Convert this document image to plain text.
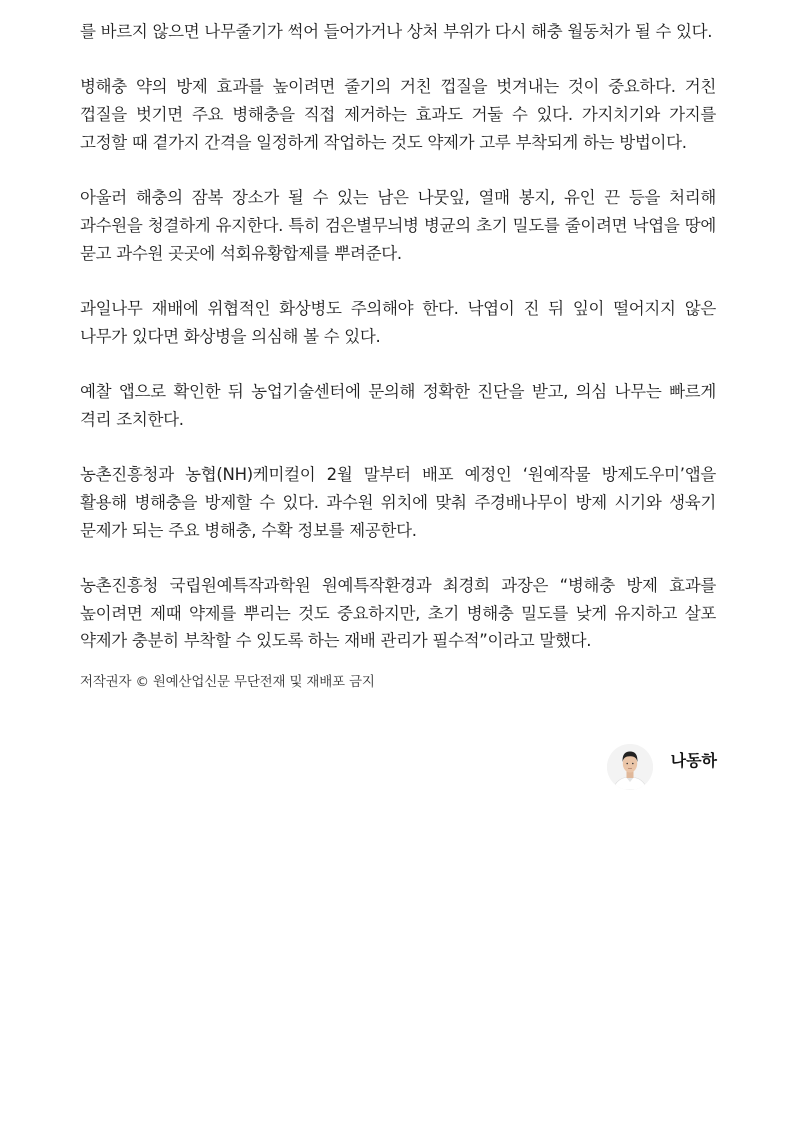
를 바르지 않으면 나무줄기가 썩어 들어가거나 상처 부위가 다시 해충 월동처가 될 수 있다.

병해충 약의 방제 효과를 높이려면 줄기의 거친 껍질을 벗겨내는 것이 중요하다. 거친 껍질을 벗기면 주요 병해충을 직접 제거하는 효과도 거둘 수 있다. 가지치기와 가지를 고정할 때 곁가지 간격을 일정하게 작업하는 것도 약제가 고루 부착되게 하는 방법이다.

아울러 해충의 잠복 장소가 될 수 있는 남은 나뭇잎, 열매 봉지, 유인 끈 등을 처리해 과수원을 청결하게 유지한다. 특히 검은별무늬병 병균의 초기 밀도를 줄이려면 낙엽을 땅에 묻고 과수원 곳곳에 석회유황합제를 뿌려준다.

과일나무 재배에 위협적인 화상병도 주의해야 한다. 낙엽이 진 뒤 잎이 떨어지지 않은 나무가 있다면 화상병을 의심해 볼 수 있다.

예찰 앱으로 확인한 뒤 농업기술센터에 문의해 정확한 진단을 받고, 의심 나무는 빠르게 격리 조치한다.

농촌진흥청과 농협(NH)케미컬이 2월 말부터 배포 예정인 ‘원예작물 방제도우미’앱을 활용해 병해충을 방제할 수 있다. 과수원 위치에 맞춰 주경배나무이 방제 시기와 생육기 문제가 되는 주요 병해충, 수확 정보를 제공한다.

농촌진흥청 국립원예특작과학원 원예특작환경과 최경희 과장은 “병해충 방제 효과를 높이려면 제때 약제를 뿌리는 것도 중요하지만, 초기 병해충 밀도를 낮게 유지하고 살포 약제가 충분히 부착할 수 있도록 하는 재배 관리가 필수적”이라고 말했다.

저작권자 © 원예산업신문 무단전재 및 재배포 금지
나동하
